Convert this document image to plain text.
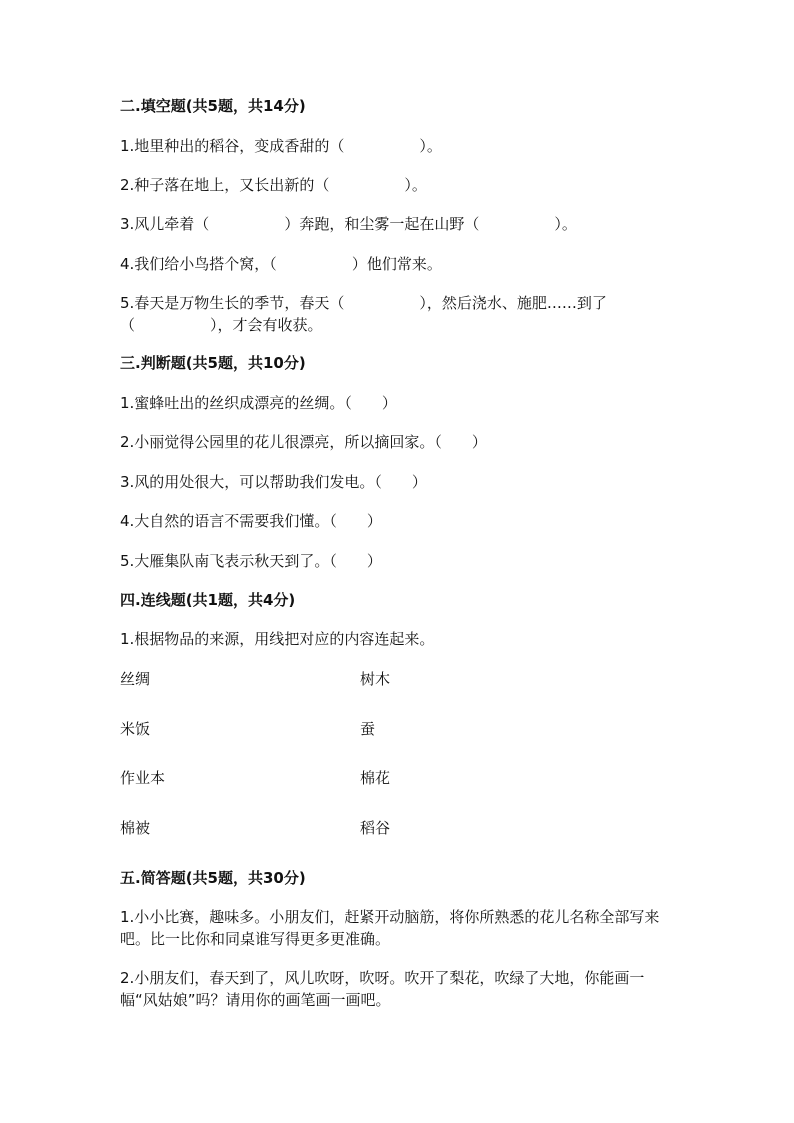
二.填空题(共5题，共14分)
1.地里种出的稻谷，变成香甜的（　　　　　）。
2.种子落在地上，又长出新的（　　　　　）。
3.风儿牵着（　　　　　）奔跑，和尘雾一起在山野（　　　　　）。
4.我们给小鸟搭个窝，（　　　　　）他们常来。
5.春天是万物生长的季节，春天（　　　　　），然后浇水、施肥……到了
（　　　　　），才会有收获。
三.判断题(共5题，共10分)
1.蜜蜂吐出的丝织成漂亮的丝绸。（　　）
2.小丽觉得公园里的花儿很漂亮，所以摘回家。（　　）
3.风的用处很大，可以帮助我们发电。（　　）
4.大自然的语言不需要我们懂。（　　）
5.大雁集队南飞表示秋天到了。（　　）
四.连线题(共1题，共4分)
1.根据物品的来源，用线把对应的内容连起来。
丝绸	树木
米饭	蚕
作业本	棉花
棉被	稻谷
五.简答题(共5题，共30分)
1.小小比赛，趣味多。小朋友们，赶紧开动脑筋，将你所熟悉的花儿名称全部写来吧。比一比你和同桌谁写得更多更准确。
2.小朋友们，春天到了，风儿吹呀，吹呀。吹开了梨花，吹绿了大地，你能画一幅“风姑娘”吗？请用你的画笔画一画吧。
